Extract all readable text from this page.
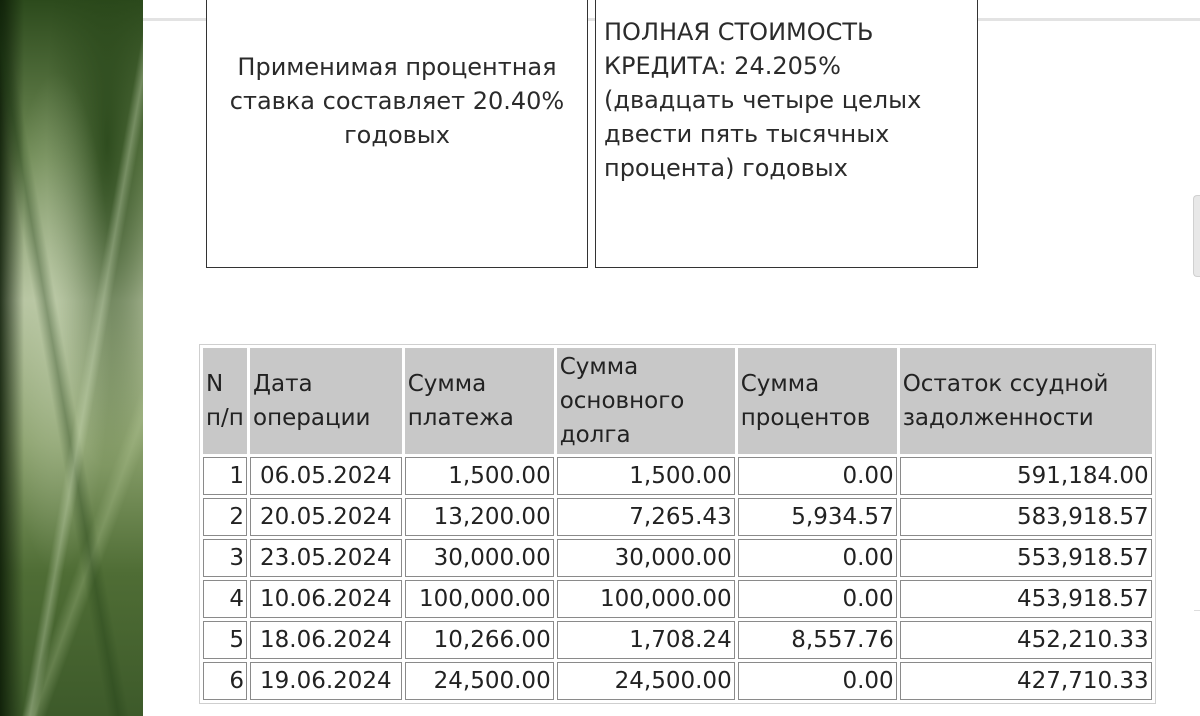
Применимая процентная ставка составляет 20.40% годовых
ПОЛНАЯ СТОИМОСТЬ КРЕДИТА: 24.205% (двадцать четыре целых двести пять тысячных процента) годовых
N п/п	Дата операции	Сумма платежа	Сумма основного долга	Сумма процентов	Остаток ссудной задолженности
1	06.05.2024	1,500.00	1,500.00	0.00	591,184.00
2	20.05.2024	13,200.00	7,265.43	5,934.57	583,918.57
3	23.05.2024	30,000.00	30,000.00	0.00	553,918.57
4	10.06.2024	100,000.00	100,000.00	0.00	453,918.57
5	18.06.2024	10,266.00	1,708.24	8,557.76	452,210.33
6	19.06.2024	24,500.00	24,500.00	0.00	427,710.33
